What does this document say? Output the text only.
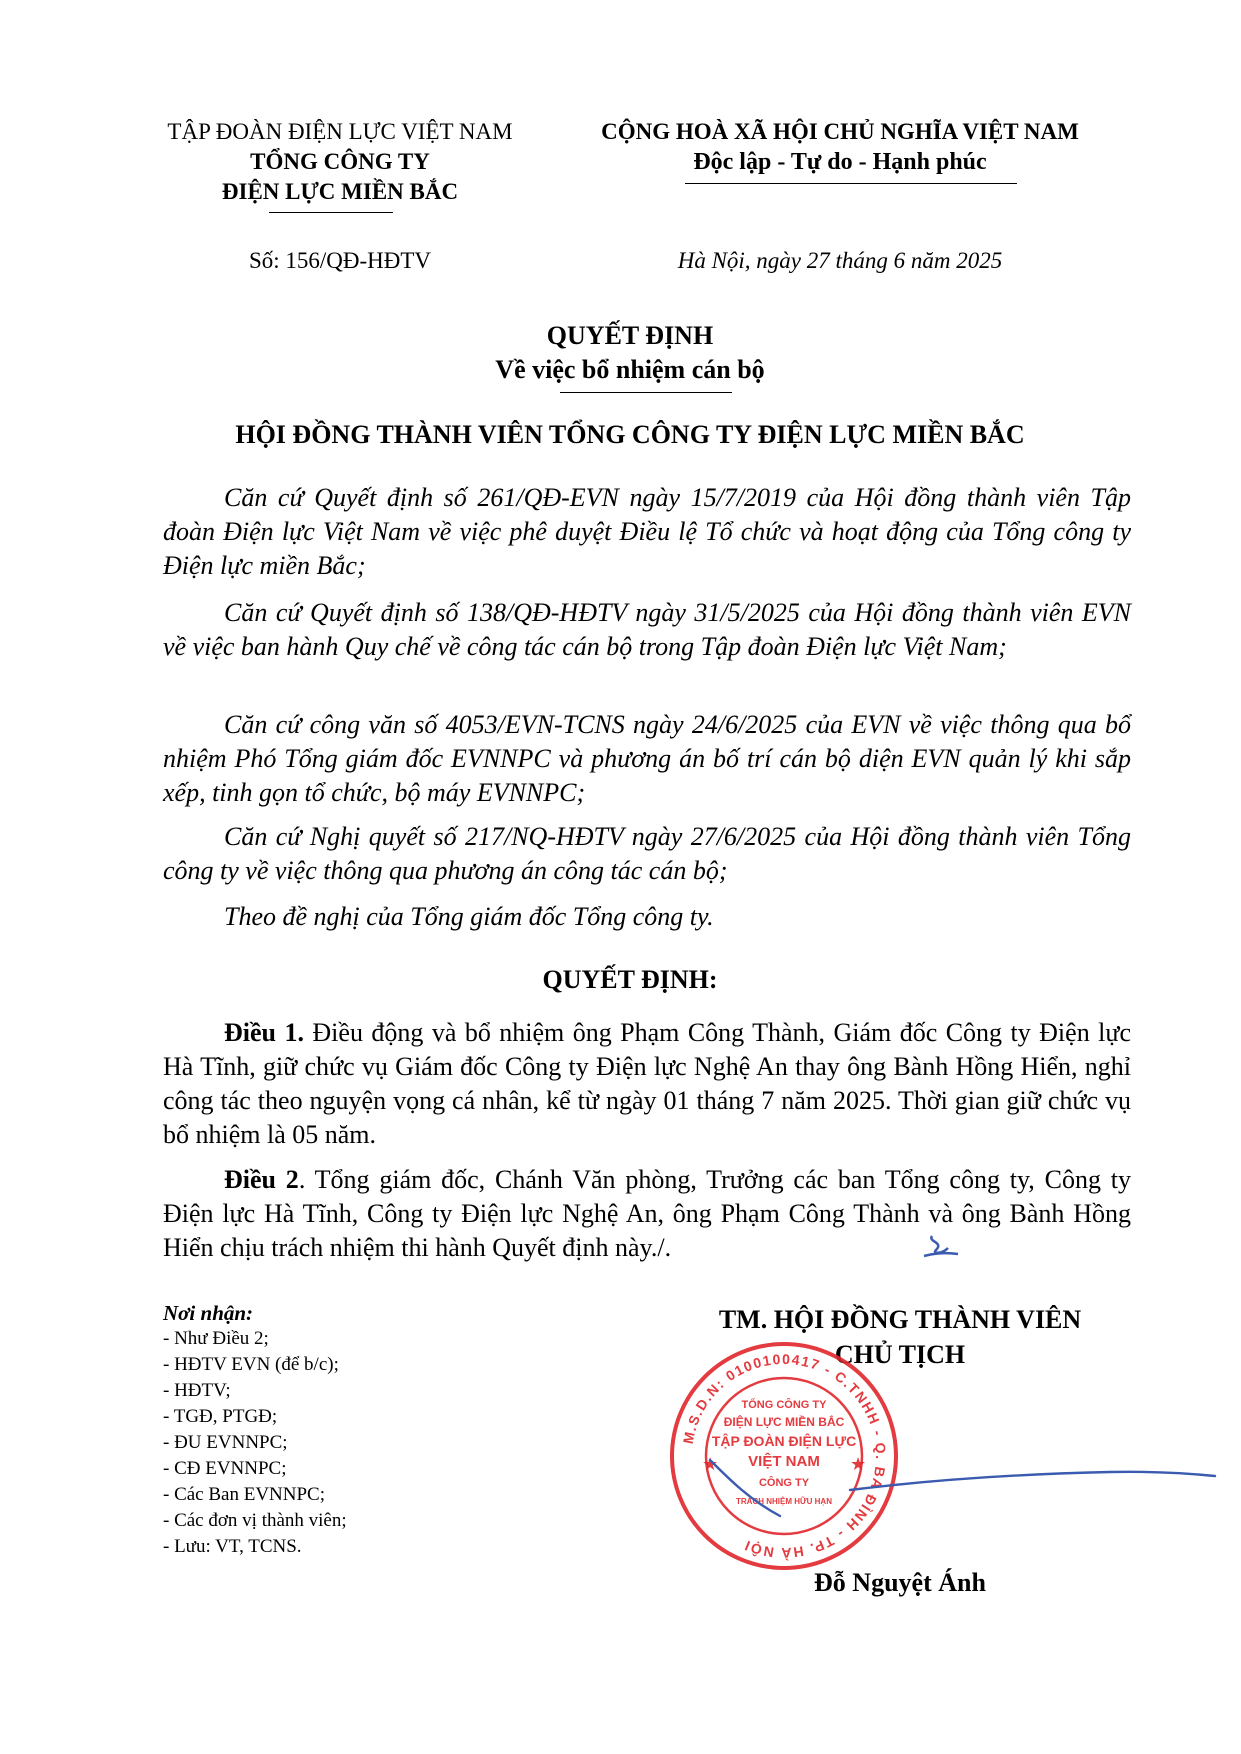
TẬP ĐOÀN ĐIỆN LỰC VIỆT NAM
TỔNG CÔNG TY
ĐIỆN LỰC MIỀN BẮC
Số: 156/QĐ-HĐTV
CỘNG HOÀ XÃ HỘI CHỦ NGHĨA VIỆT NAM
Độc lập - Tự do - Hạnh phúc
Hà Nội, ngày 27 tháng 6 năm 2025
QUYẾT ĐỊNH
Về việc bổ nhiệm cán bộ
HỘI ĐỒNG THÀNH VIÊN TỔNG CÔNG TY ĐIỆN LỰC MIỀN BẮC

Căn cứ Quyết định số 261/QĐ-EVN ngày 15/7/2019 của Hội đồng thành viên Tập đoàn Điện lực Việt Nam về việc phê duyệt Điều lệ Tổ chức và hoạt động của Tổng công ty Điện lực miền Bắc;

Căn cứ Quyết định số 138/QĐ-HĐTV ngày 31/5/2025 của Hội đồng thành viên EVN về việc ban hành Quy chế về công tác cán bộ trong Tập đoàn Điện lực Việt Nam;

Căn cứ công văn số 4053/EVN-TCNS ngày 24/6/2025 của EVN về việc thông qua bổ nhiệm Phó Tổng giám đốc EVNNPC và phương án bố trí cán bộ diện EVN quản lý khi sắp xếp, tinh gọn tổ chức, bộ máy EVNNPC;

Căn cứ Nghị quyết số 217/NQ-HĐTV ngày 27/6/2025 của Hội đồng thành viên Tổng công ty về việc thông qua phương án công tác cán bộ;

Theo đề nghị của Tổng giám đốc Tổng công ty.

QUYẾT ĐỊNH:

Điều 1. Điều động và bổ nhiệm ông Phạm Công Thành, Giám đốc Công ty Điện lực Hà Tĩnh, giữ chức vụ Giám đốc Công ty Điện lực Nghệ An thay ông Bành Hồng Hiển, nghỉ công tác theo nguyện vọng cá nhân, kể từ ngày 01 tháng 7 năm 2025. Thời gian giữ chức vụ bổ nhiệm là 05 năm.

Điều 2. Tổng giám đốc, Chánh Văn phòng, Trưởng các ban Tổng công ty, Công ty Điện lực Hà Tĩnh, Công ty Điện lực Nghệ An, ông Phạm Công Thành và ông Bành Hồng Hiển chịu trách nhiệm thi hành Quyết định này./.

Nơi nhận:
- Như Điều 2;
- HĐTV EVN (để b/c);
- HĐTV;
- TGĐ, PTGĐ;
- ĐU EVNNPC;
- CĐ EVNNPC;
- Các Ban EVNNPC;
- Các đơn vị thành viên;
- Lưu: VT, TCNS.
TM. HỘI ĐỒNG THÀNH VIÊN
CHỦ TỊCH
M.S.D.N: 0100100417 - C.TNHH - Q. BA ĐÌNH - TP. HÀ NỘI
TỔNG CÔNG TY
ĐIỆN LỰC MIỀN BẮC
TẬP ĐOÀN ĐIỆN LỰC
VIỆT NAM
CÔNG TY
TRÁCH NHIỆM HỮU HẠN
★	★
Đỗ Nguyệt Ánh
